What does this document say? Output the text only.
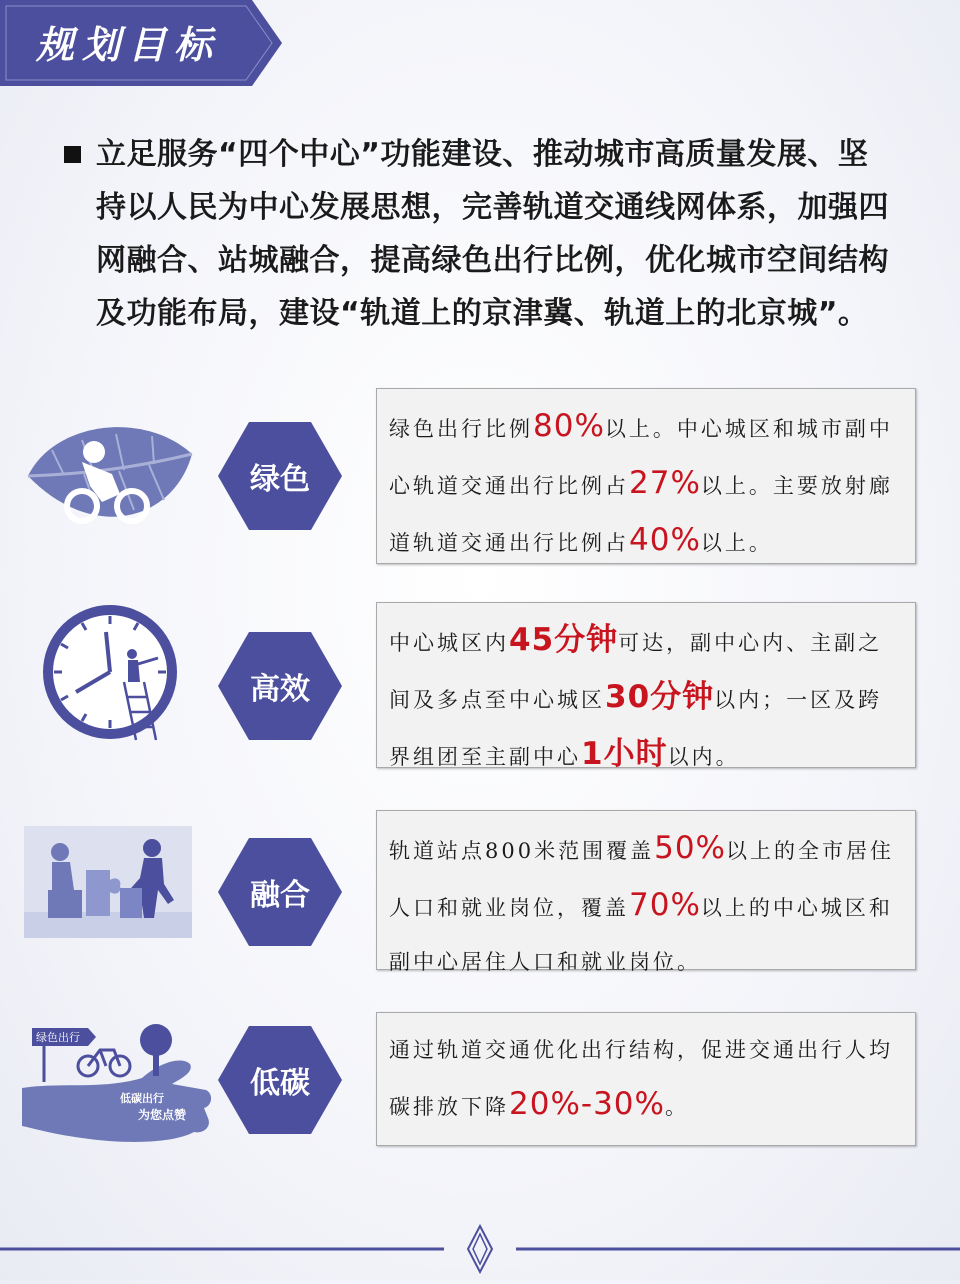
规划目标
立足服务“四个中心”功能建设、推动城市高质量发展、坚持以人民为中心发展思想，完善轨道交通线网体系，加强四网融合、站城融合，提高绿色出行比例，优化城市空间结构及功能布局，建设“轨道上的京津冀、轨道上的北京城”。
绿色
绿色出行比例80%以上。中心城区和城市副中心轨道交通出行比例占27%以上。主要放射廊道轨道交通出行比例占40%以上。
高效
中心城区内45分钟可达，副中心内、主副之间及多点至中心城区30分钟以内；一区及跨界组团至主副中心1小时以内。
融合
轨道站点800米范围覆盖50%以上的全市居住人口和就业岗位，覆盖70%以上的中心城区和副中心居住人口和就业岗位。
绿色出行
低碳出行
为您点赞
低碳
通过轨道交通优化出行结构，促进交通出行人均碳排放下降20%-30%。
